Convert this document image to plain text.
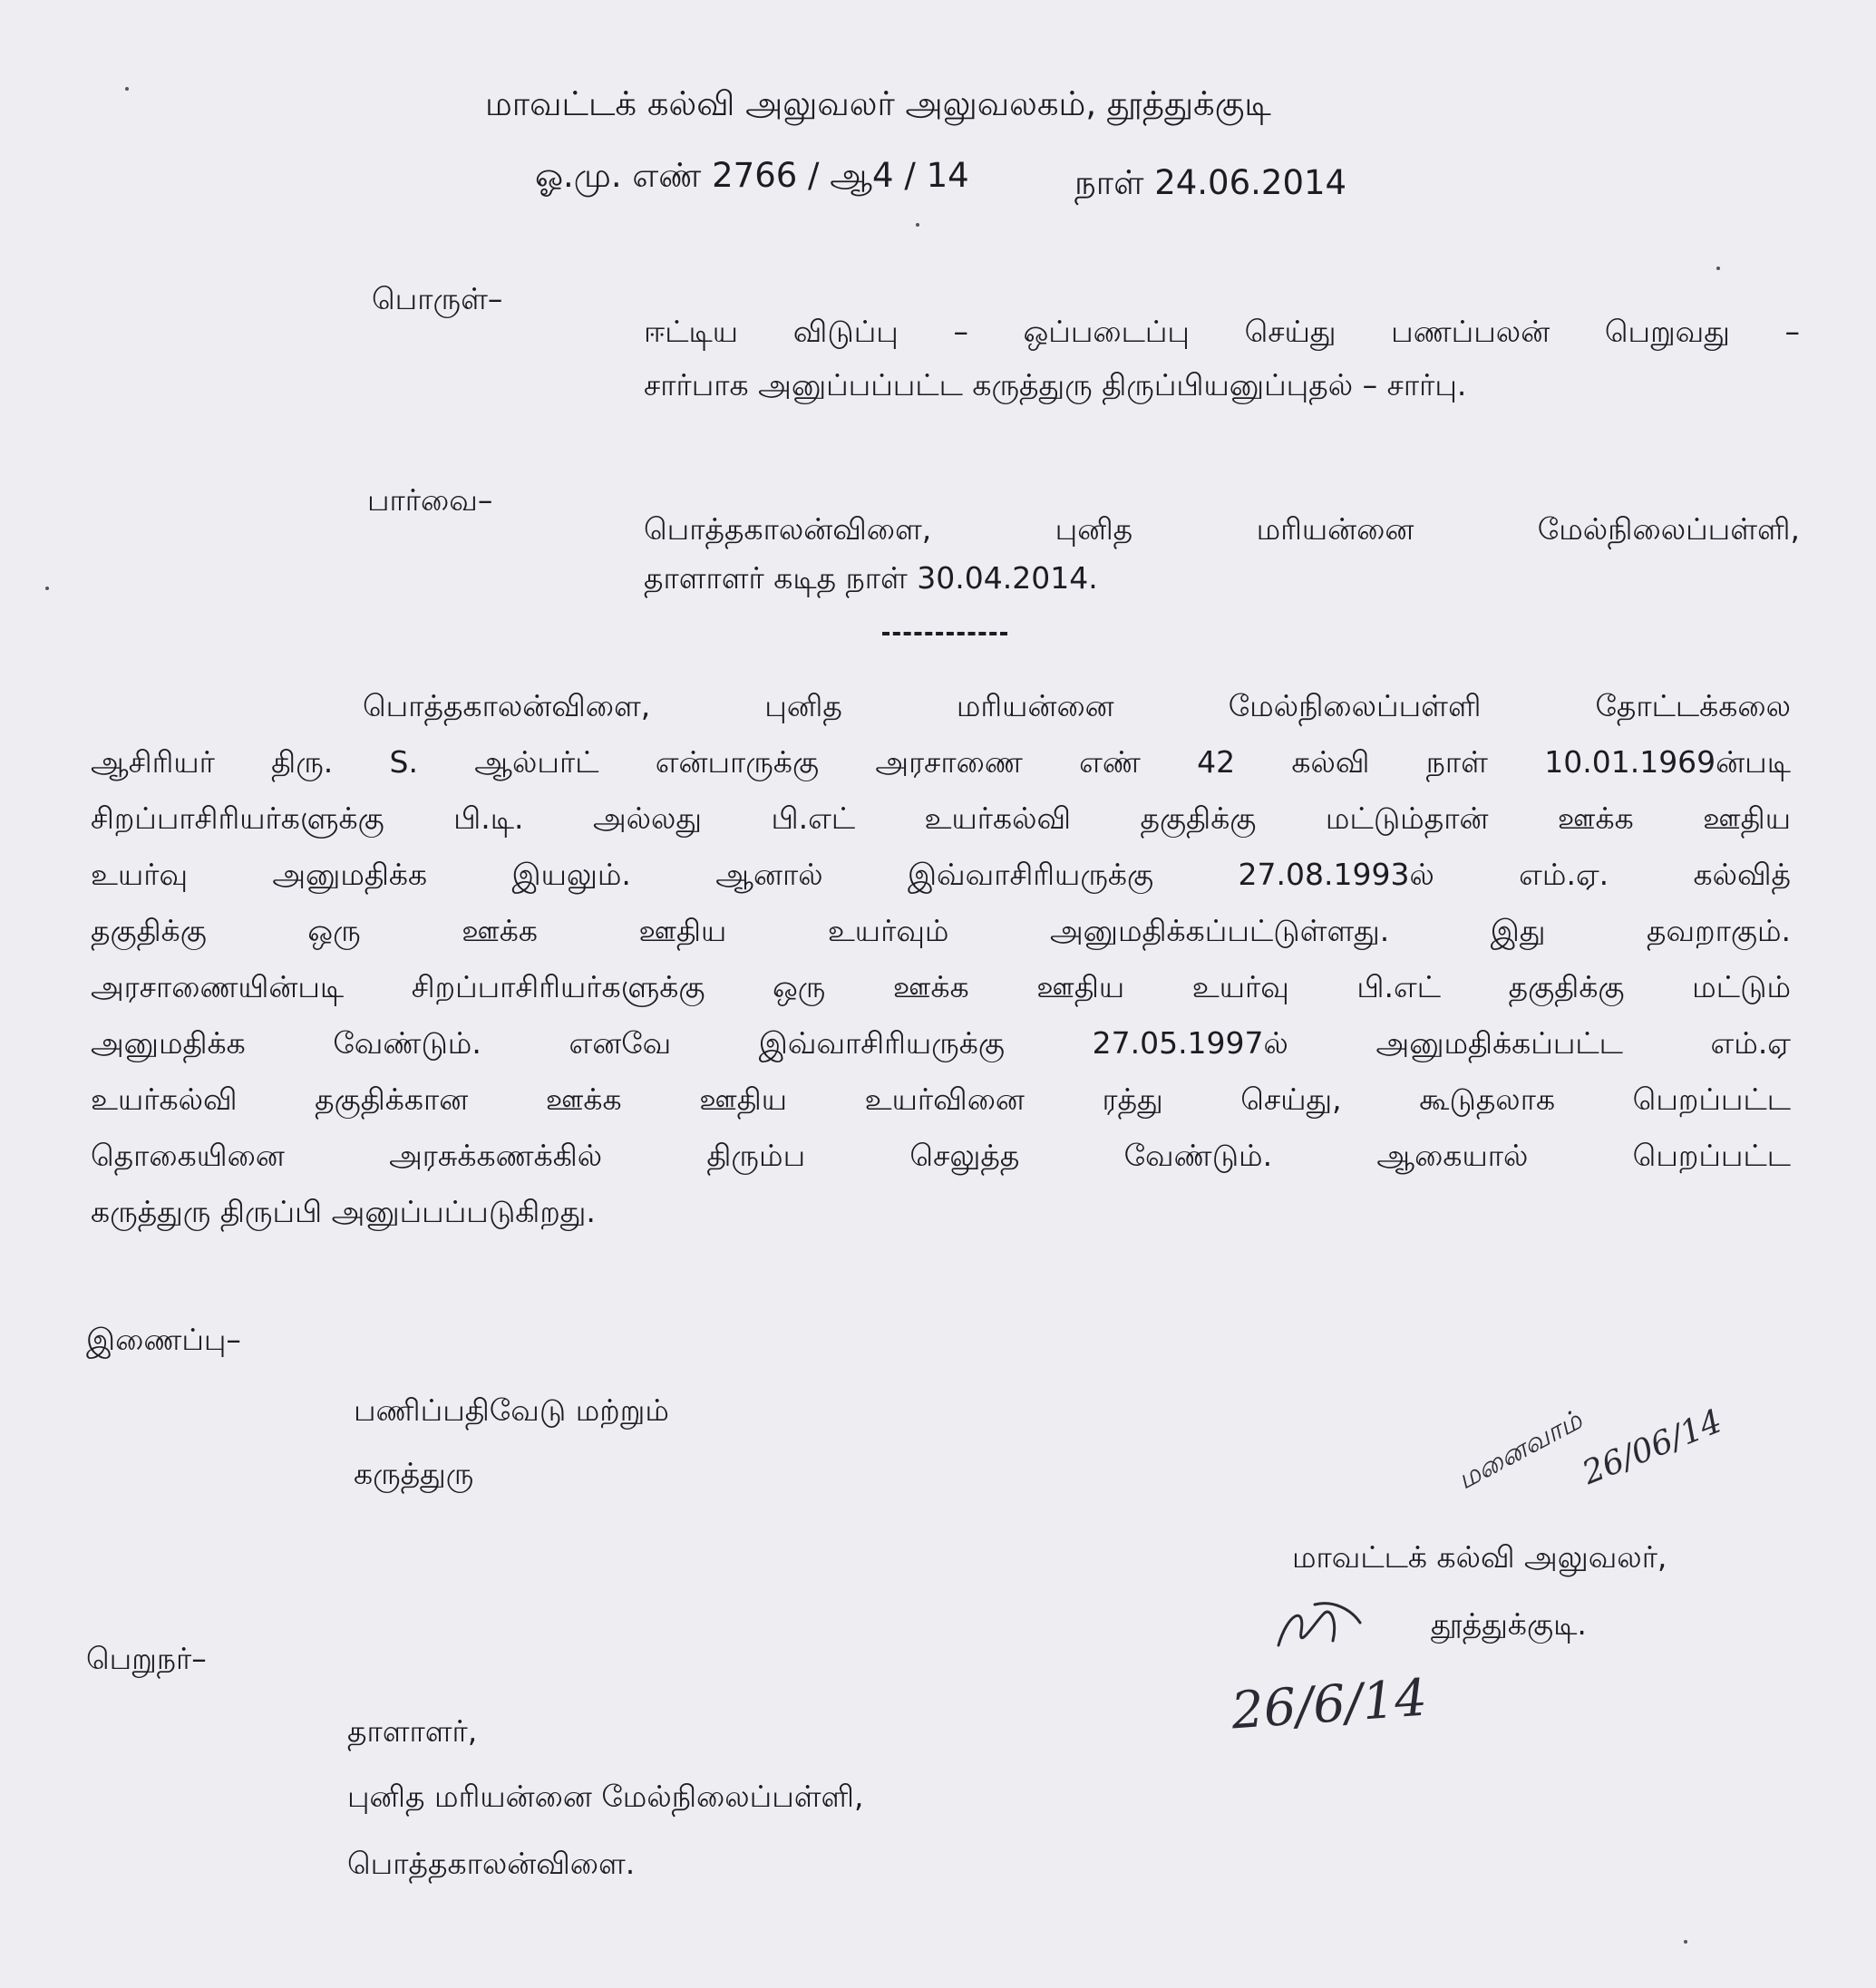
மாவட்டக் கல்வி அலுவலர் அலுவலகம், தூத்துக்குடி
ஓ.மு. எண் 2766 / ஆ4 / 14	நாள் 24.06.2014
பொருள்–
ஈட்டிய விடுப்பு – ஒப்படைப்பு செய்து பணப்பலன் பெறுவது –
சார்பாக அனுப்பப்பட்ட கருத்துரு திருப்பியனுப்புதல் – சார்பு.
பார்வை–
பொத்தகாலன்விளை, புனித மரியன்னை மேல்நிலைப்பள்ளி,
தாளாளர் கடித நாள் 30.04.2014.
பொத்தகாலன்விளை, புனித மரியன்னை மேல்நிலைப்பள்ளி தோட்டக்கலை
ஆசிரியர் திரு. S. ஆல்பர்ட் என்பாருக்கு அரசாணை எண் 42 கல்வி நாள் 10.01.1969ன்படி
சிறப்பாசிரியர்களுக்கு பி.டி. அல்லது பி.எட் உயர்கல்வி தகுதிக்கு மட்டும்தான் ஊக்க ஊதிய
உயர்வு அனுமதிக்க இயலும். ஆனால் இவ்வாசிரியருக்கு 27.08.1993ல் எம்.ஏ. கல்வித்
தகுதிக்கு ஒரு ஊக்க ஊதிய உயர்வும் அனுமதிக்கப்பட்டுள்ளது. இது தவறாகும்.
அரசாணையின்படி சிறப்பாசிரியர்களுக்கு ஒரு ஊக்க ஊதிய உயர்வு பி.எட் தகுதிக்கு மட்டும்
அனுமதிக்க வேண்டும். எனவே இவ்வாசிரியருக்கு 27.05.1997ல் அனுமதிக்கப்பட்ட எம்.ஏ
உயர்கல்வி தகுதிக்கான ஊக்க ஊதிய உயர்வினை ரத்து செய்து, கூடுதலாக பெறப்பட்ட
தொகையினை அரசுக்கணக்கில் திரும்ப செலுத்த வேண்டும். ஆகையால் பெறப்பட்ட
கருத்துரு திருப்பி அனுப்பப்படுகிறது.
இணைப்பு–
பணிப்பதிவேடு மற்றும்
கருத்துரு	மனைவாம்
26/06/14
மாவட்டக் கல்வி அலுவலர்,
தூத்துக்குடி.
26/6/14
பெறுநர்–
தாளாளர்,
புனித மரியன்னை மேல்நிலைப்பள்ளி,
பொத்தகாலன்விளை.
